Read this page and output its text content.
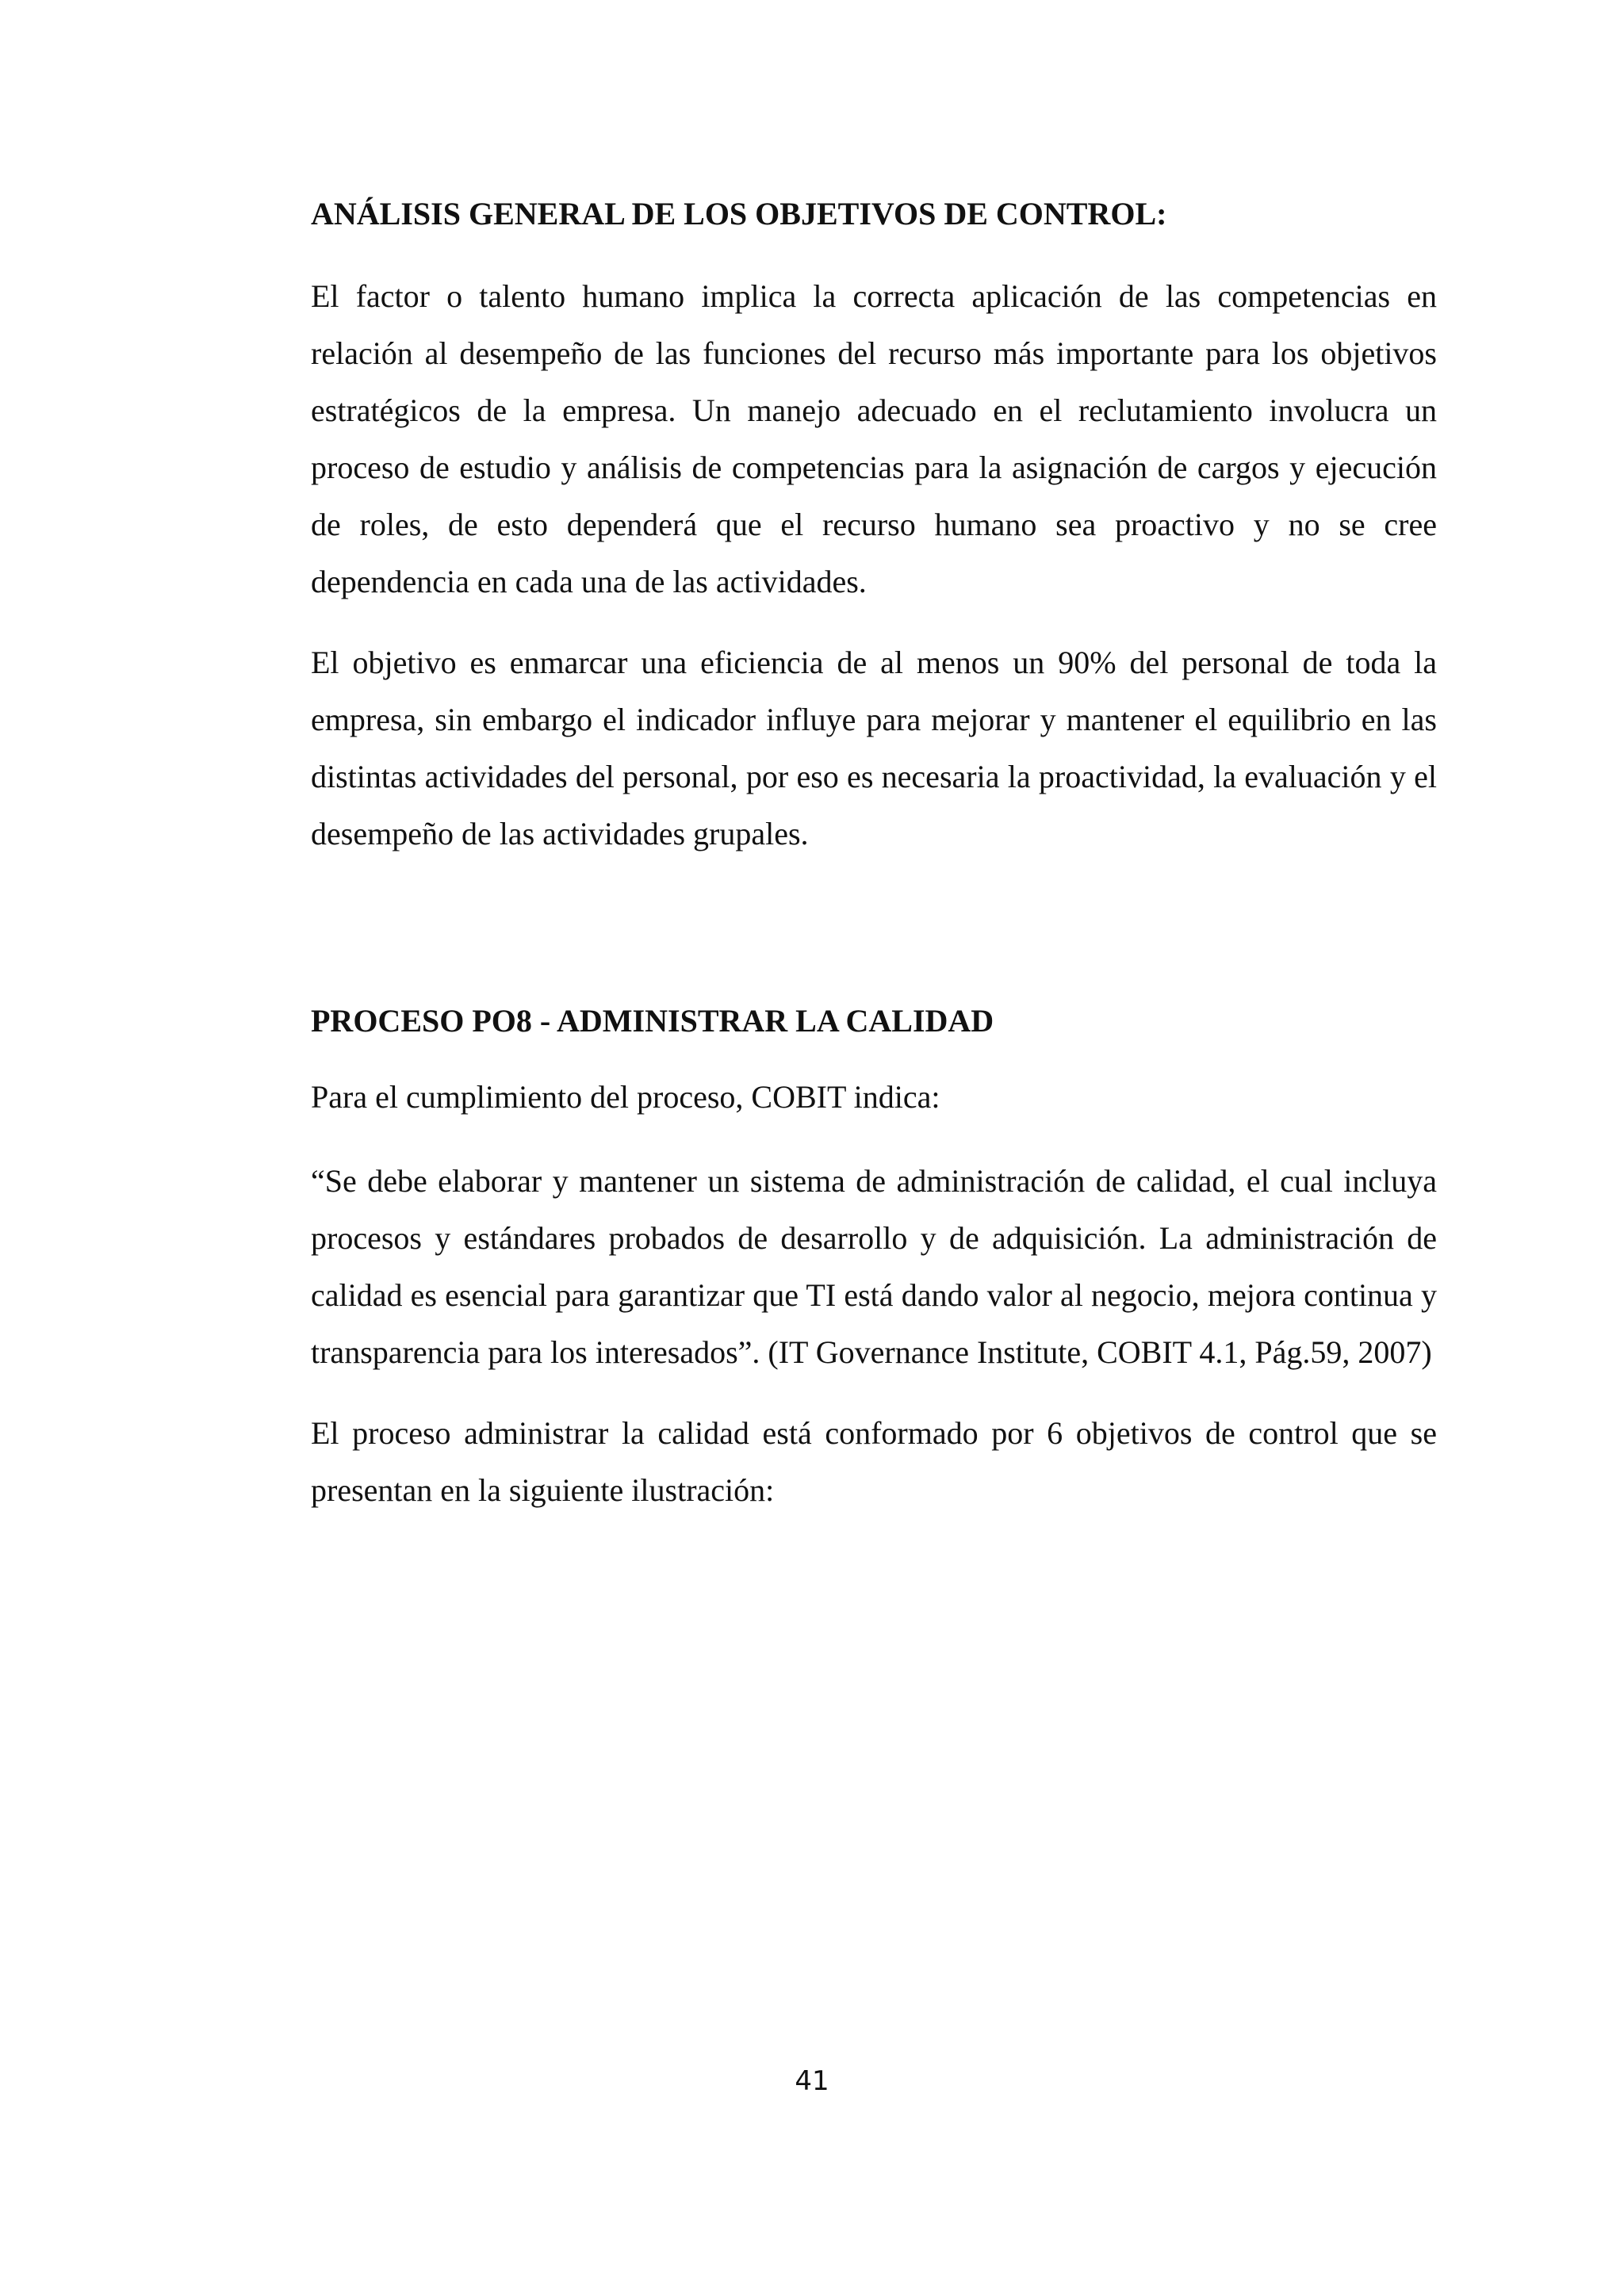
ANÁLISIS GENERAL DE LOS OBJETIVOS DE CONTROL:

El factor o talento humano implica la correcta aplicación de las competencias en relación al desempeño de las funciones del recurso más importante para los objetivos estratégicos de la empresa. Un manejo adecuado en el reclutamiento involucra un proceso de estudio y análisis de competencias para la asignación de cargos y ejecución de roles, de esto dependerá que el recurso humano sea proactivo y no se cree dependencia en cada una de las actividades.

El objetivo es enmarcar una eficiencia de al menos un 90% del personal de toda la empresa, sin embargo el indicador influye para mejorar y mantener el equilibrio en las distintas actividades del personal, por eso es necesaria la proactividad, la evaluación y el desempeño de las actividades grupales.

PROCESO PO8 - ADMINISTRAR LA CALIDAD

Para el cumplimiento del proceso, COBIT indica:

“Se debe elaborar y mantener un sistema de administración de calidad, el cual incluya procesos y estándares probados de desarrollo y de adquisición. La administración de calidad es esencial para garantizar que TI está dando valor al negocio, mejora continua y transparencia para los interesados”. (IT Governance Institute, COBIT 4.1, Pág.59, 2007)

El proceso administrar la calidad está conformado por 6 objetivos de control que se presentan en la siguiente ilustración:

41
